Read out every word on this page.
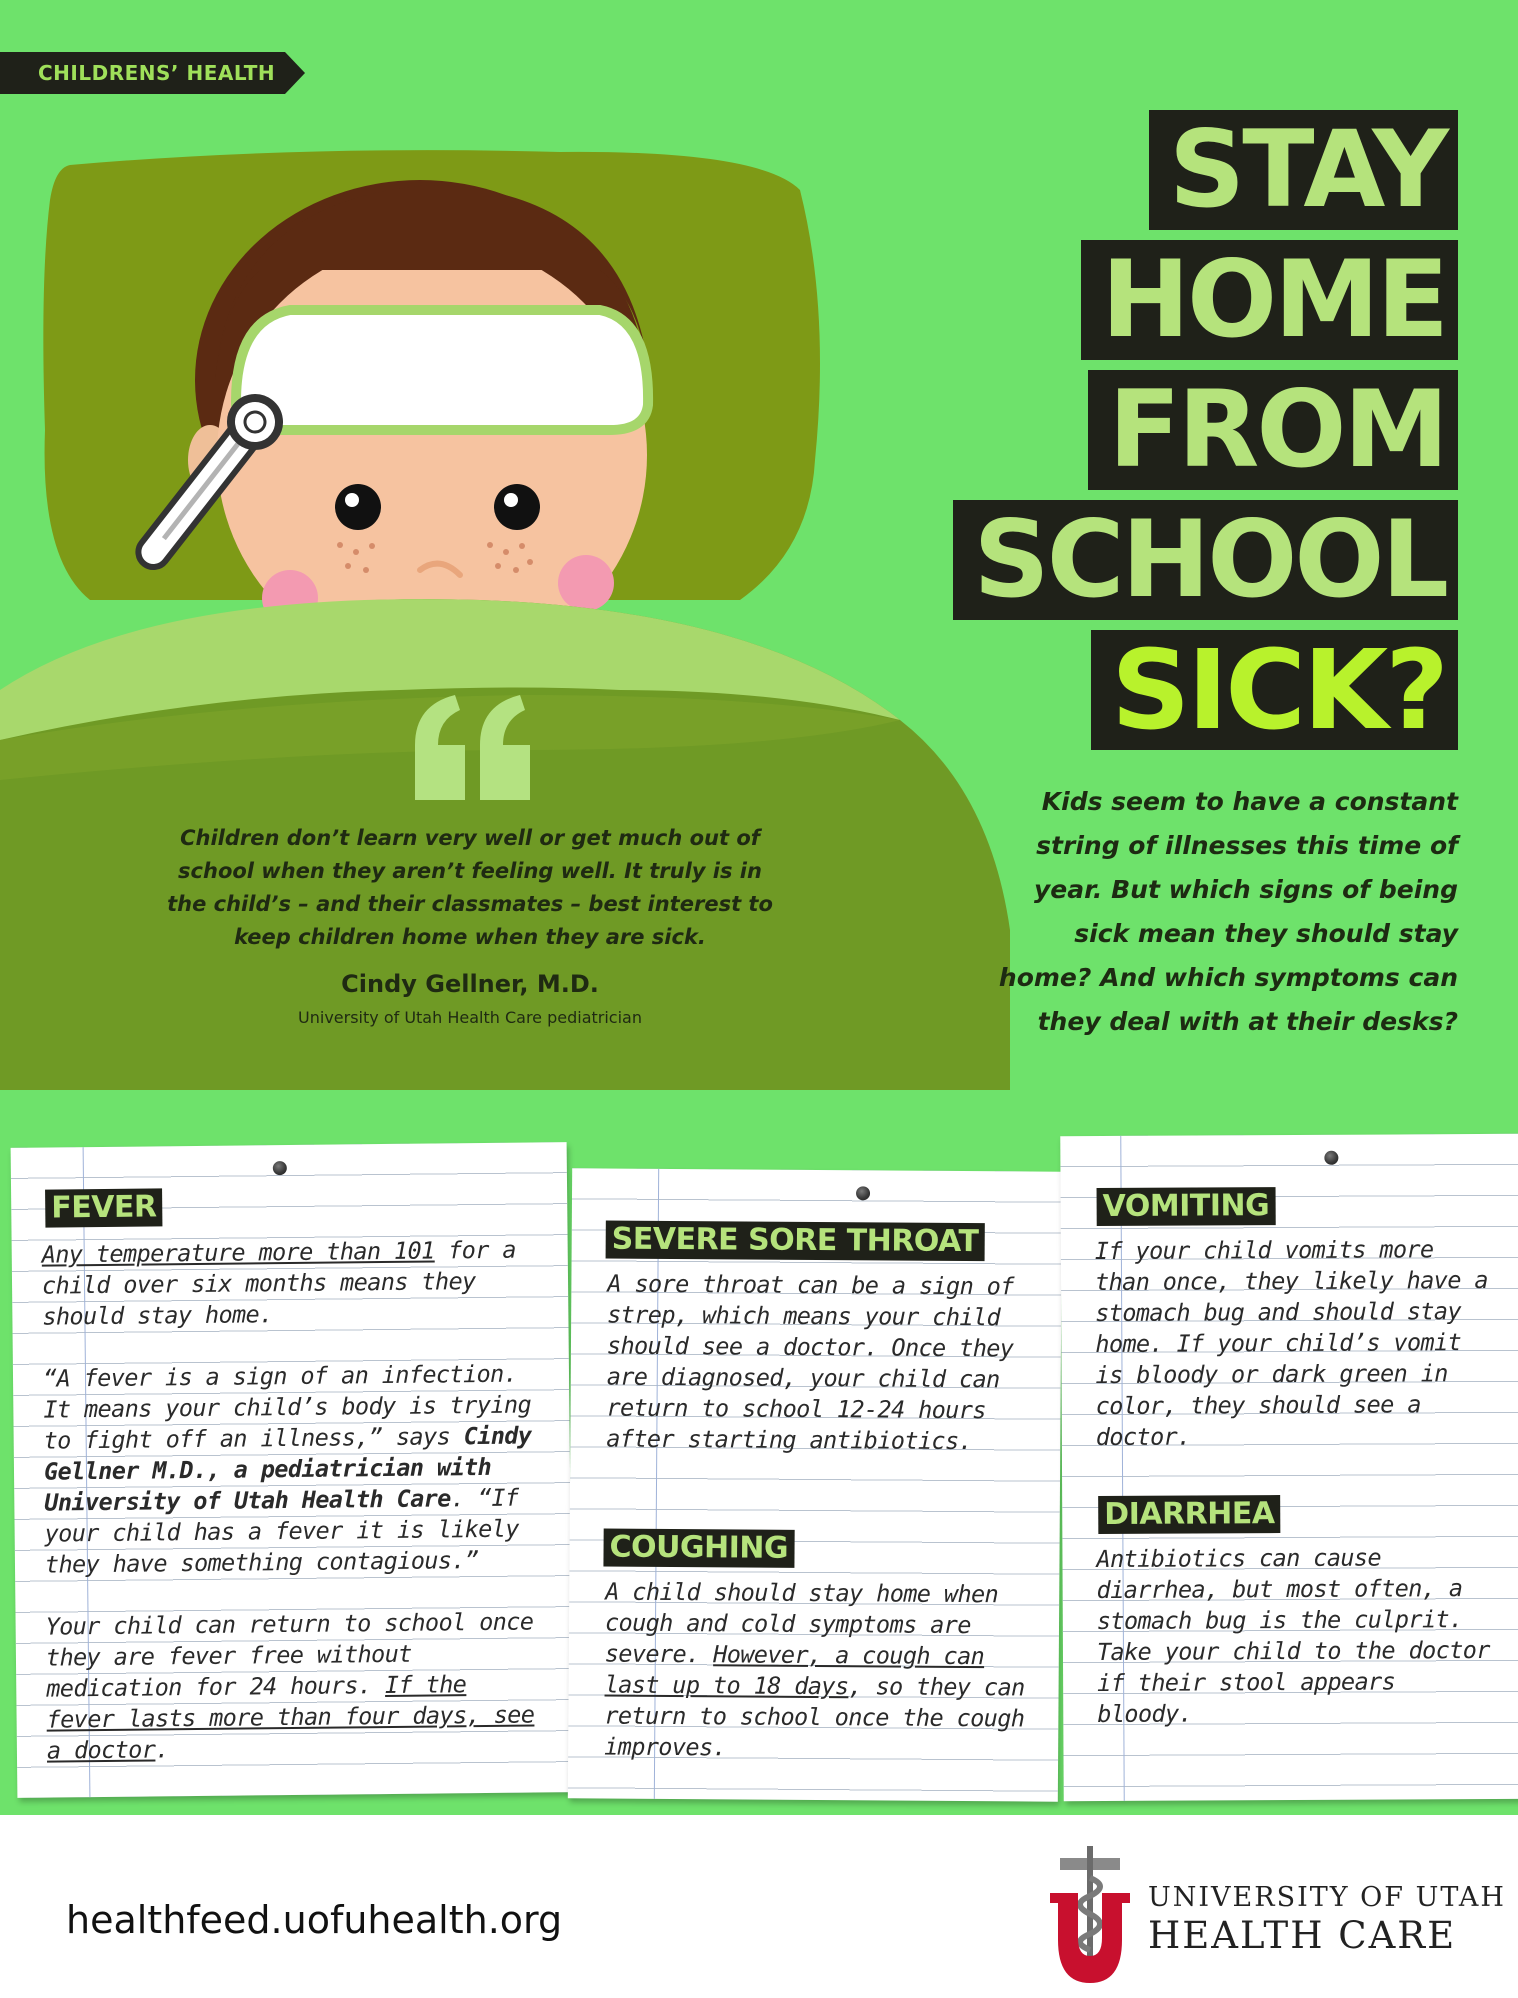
CHILDRENS’ HEALTH
Children don’t learn very well or get much out of school when they aren’t feeling well. It truly is in the child’s – and their classmates – best interest to keep children home when they are sick.
Cindy Gellner, M.D.
University of Utah Health Care pediatrician
STAY
HOME
FROM
SCHOOL
SICK?
Kids seem to have a constant string of illnesses this time of year. But which signs of being sick mean they should stay home? And which symptoms can they deal with at their desks?
FEVER

Any temperature more than 101 for a child over six months means they should stay home.

“A fever is a sign of an infection. It means your child’s body is trying to fight off an illness,” says Cindy Gellner M.D., a pediatrician with University of Utah Health Care. “If your child has a fever it is likely they have something contagious.”

Your child can return to school once they are fever free without medication for 24 hours. If the fever lasts more than four days, see a doctor.

SEVERE SORE THROAT
A sore throat can be a sign of strep, which means your child should see a doctor. Once they are diagnosed, your child can return to school 12-24 hours after starting antibiotics.
COUGHING

A child should stay home when cough and cold symptoms are severe. However, a cough can last up to 18 days, so they can return to school once the cough improves.

VOMITING
If your child vomits more than once, they likely have a stomach bug and should stay home. If your child’s vomit is bloody or dark green in color, they should see a doctor.
DIARRHEA
Antibiotics can cause diarrhea, but most often, a stomach bug is the culprit. Take your child to the doctor if their stool appears bloody.
healthfeed.uofuhealth.org
UNIVERSITY OF UTAH
HEALTH CARE
